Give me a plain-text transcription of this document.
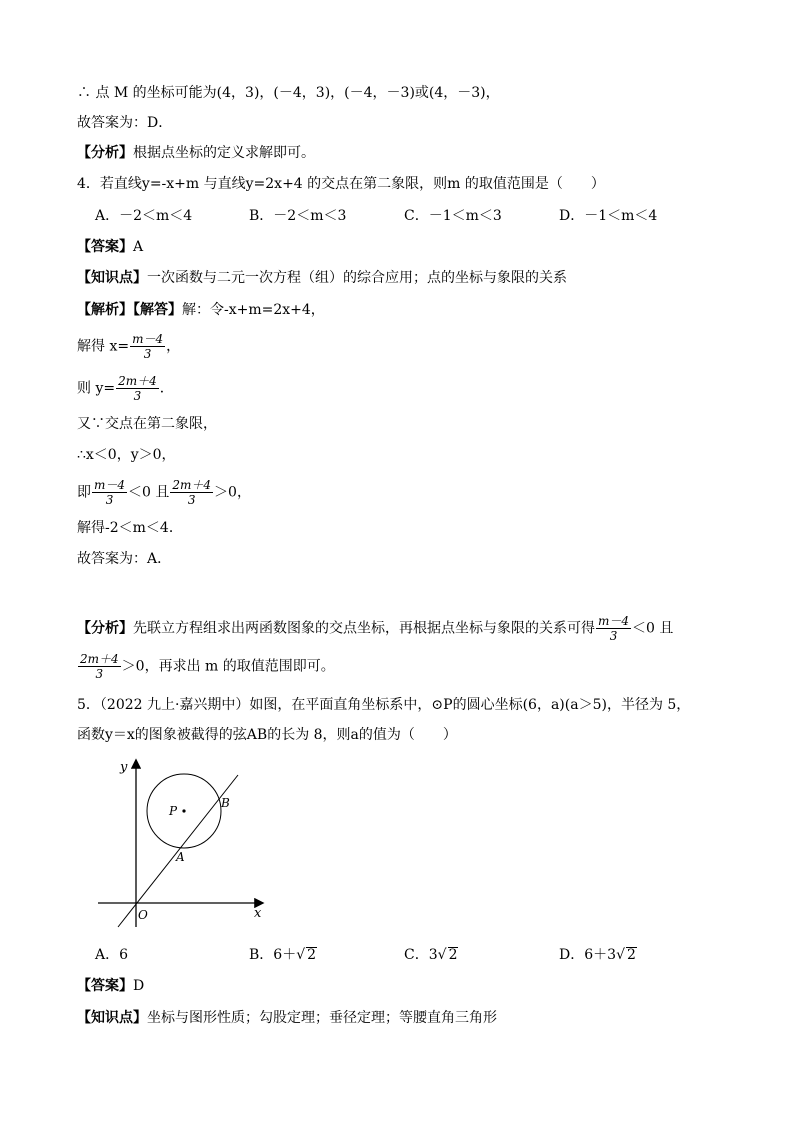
∴ 点 M 的坐标可能为(4，3)，(－4，3)，(－4，－3)或(4，－3)，
故答案为：D．
【分析】根据点坐标的定义求解即可。
4．若直线y=-x+m 与直线y=2x+4 的交点在第二象限，则m 的取值范围是（　　）
A．－2＜m＜4	B．－2＜m＜3	C．－1＜m＜3	D．－1＜m＜4
【答案】A
【知识点】一次函数与二元一次方程（组）的综合应用；点的坐标与象限的关系
【解析】【解答】解：令-x+m=2x+4，
解得 $x= \frac{m-4}{3}$ ，
则 $y= \frac{2m+4}{3}$ ．
又∵交点在第二象限，
∴x＜0，y＞0，
即 $\frac{m-4}{3} <0$ 且 $\frac{2m+4}{3} >0$，
解得-2＜m＜4．
故答案为：A．
【分析】先联立方程组求出两函数图象的交点坐标，再根据点坐标与象限的关系可得 $\frac{m-4}{3} <0$ 且
$\frac{2m+4}{3} >0$，再求出 m 的取值范围即可。
5．（2022 九上·嘉兴期中）如图，在平面直角坐标系中，⊙P的圆心坐标(6，a)(a＞5)，半径为 5，
函数y＝x的图象被截得的弦AB的长为 8，则a的值为（　　）
y
x
O
P
A
B
A．6	B．6＋√ 2	C．3√ 2	D．6＋3√ 2
【答案】D
【知识点】坐标与图形性质；勾股定理；垂径定理；等腰直角三角形
